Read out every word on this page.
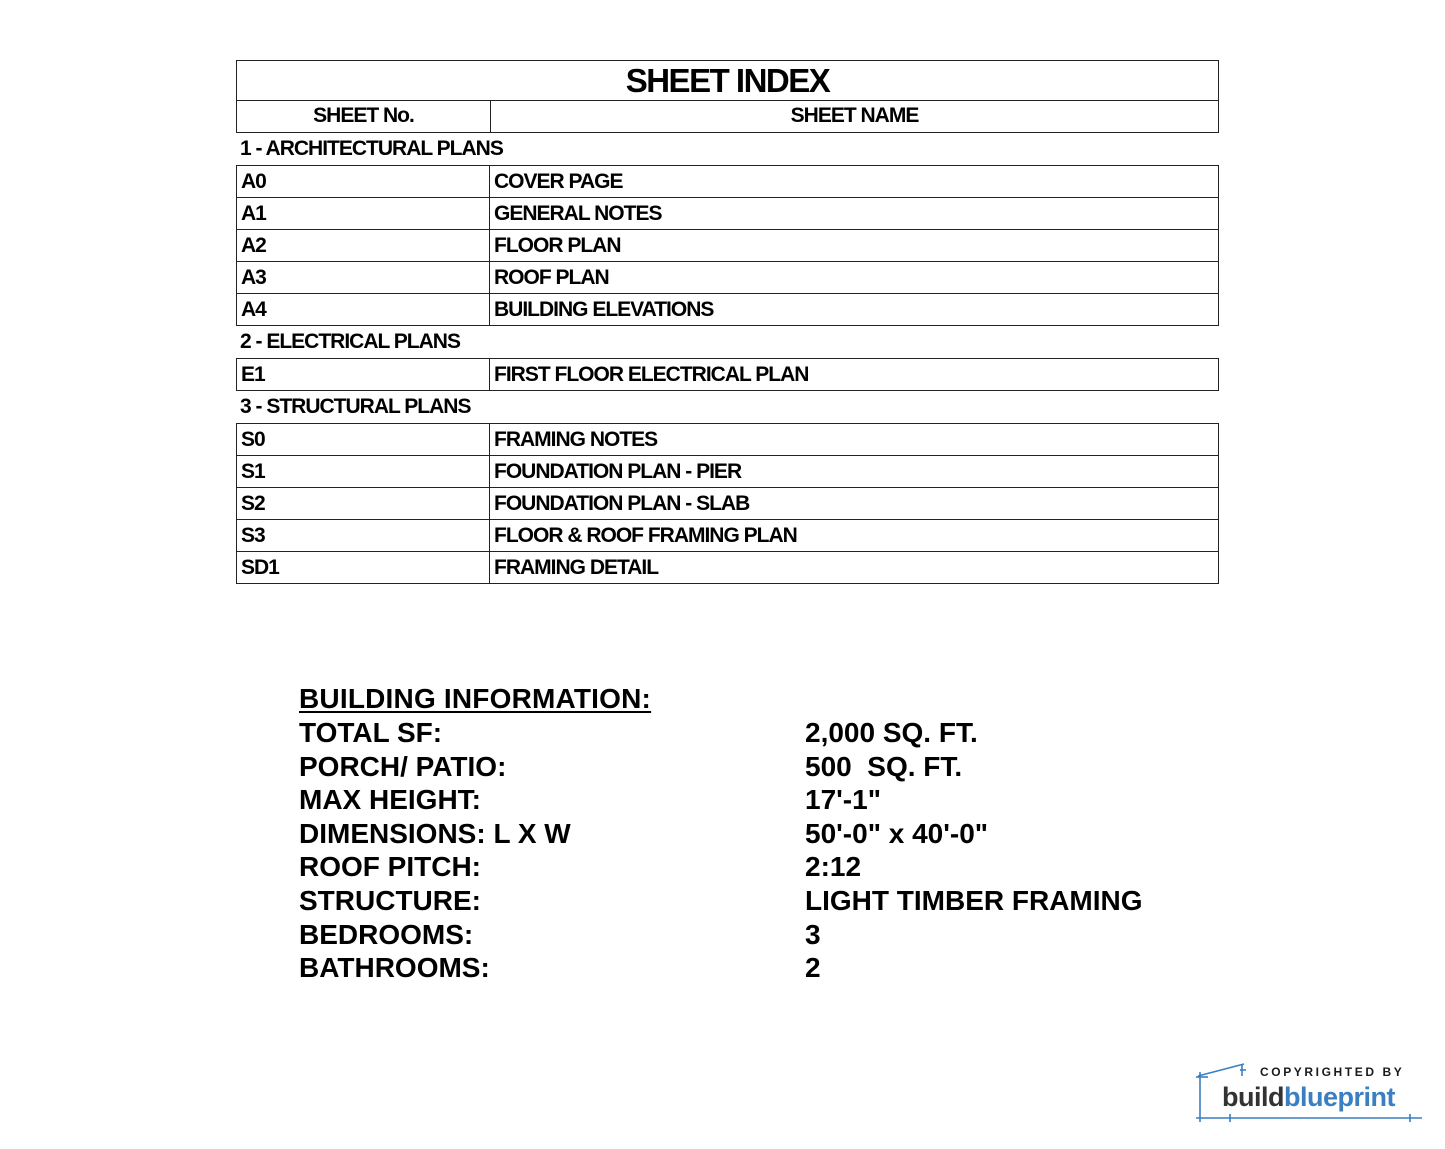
SHEET INDEX
SHEET No.	SHEET NAME
1 - ARCHITECTURAL PLANS
A0	COVER PAGE
A1	GENERAL NOTES
A2	FLOOR PLAN
A3	ROOF PLAN
A4	BUILDING ELEVATIONS
2 - ELECTRICAL PLANS
E1	FIRST FLOOR ELECTRICAL PLAN
3 - STRUCTURAL PLANS
S0	FRAMING NOTES
S1	FOUNDATION PLAN - PIER
S2	FOUNDATION PLAN - SLAB
S3	FLOOR & ROOF FRAMING PLAN
SD1	FRAMING DETAIL
BUILDING INFORMATION:
TOTAL SF:	2,000 SQ. FT.
PORCH/ PATIO:	500  SQ. FT.
MAX HEIGHT:	17'-1"
DIMENSIONS: L X W	50'-0" x 40'-0"
ROOF PITCH:	2:12
STRUCTURE:	LIGHT TIMBER FRAMING
BEDROOMS:	3
BATHROOMS:	2
COPYRIGHTED BY
buildblueprint
